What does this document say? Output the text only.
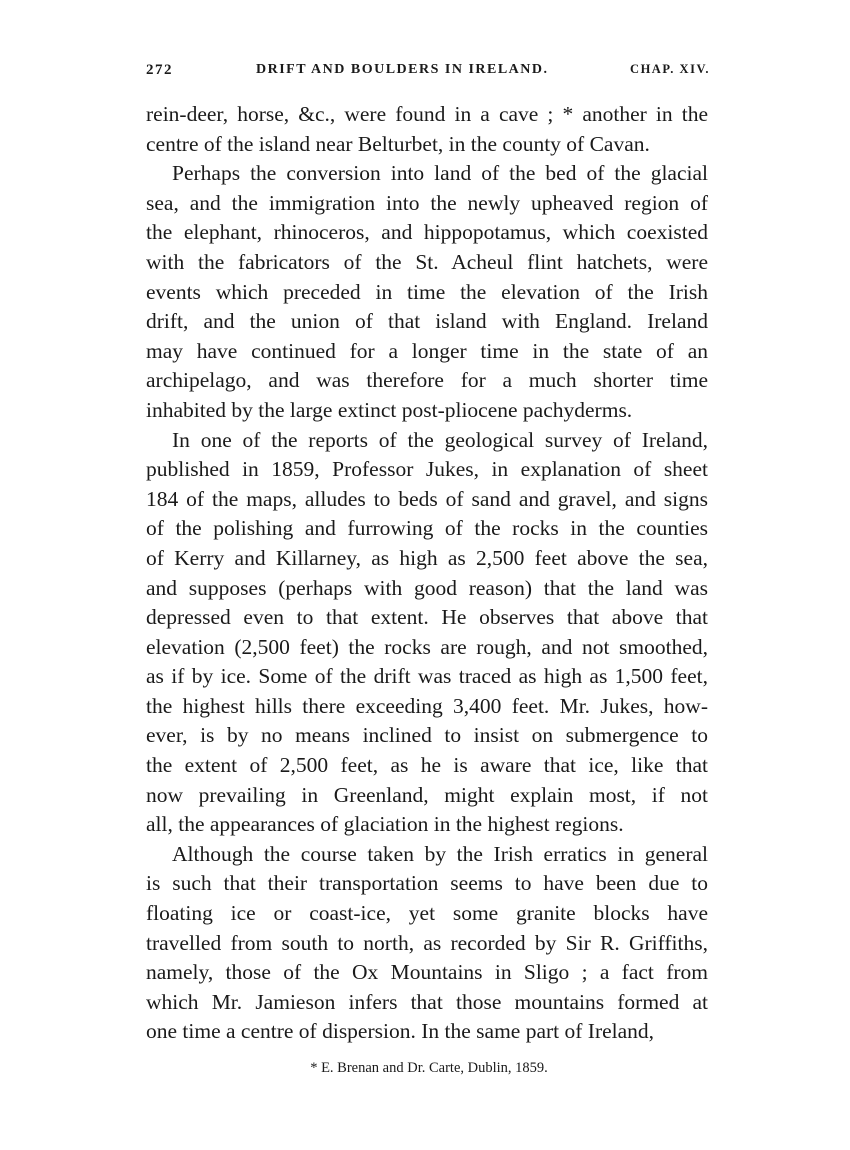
272	DRIFT AND BOULDERS IN IRELAND.	CHAP. XIV.
rein-deer, horse, &c., were found in a cave ; * another in the
centre of the island near Belturbet, in the county of Cavan.
Perhaps the conversion into land of the bed of the glacial
sea, and the immigration into the newly upheaved region of
the elephant, rhinoceros, and hippopotamus, which coexisted
with the fabricators of the St. Acheul flint hatchets, were
events which preceded in time the elevation of the Irish
drift, and the union of that island with England. Ireland
may have continued for a longer time in the state of an
archipelago, and was therefore for a much shorter time
inhabited by the large extinct post-pliocene pachyderms.
In one of the reports of the geological survey of Ireland,
published in 1859, Professor Jukes, in explanation of sheet
184 of the maps, alludes to beds of sand and gravel, and signs
of the polishing and furrowing of the rocks in the counties
of Kerry and Killarney, as high as 2,500 feet above the sea,
and supposes (perhaps with good reason) that the land was
depressed even to that extent. He observes that above that
elevation (2,500 feet) the rocks are rough, and not smoothed,
as if by ice. Some of the drift was traced as high as 1,500 feet,
the highest hills there exceeding 3,400 feet. Mr. Jukes, how-
ever, is by no means inclined to insist on submergence to
the extent of 2,500 feet, as he is aware that ice, like that
now prevailing in Greenland, might explain most, if not
all, the appearances of glaciation in the highest regions.
Although the course taken by the Irish erratics in general
is such that their transportation seems to have been due to
floating ice or coast-ice, yet some granite blocks have
travelled from south to north, as recorded by Sir R. Griffiths,
namely, those of the Ox Mountains in Sligo ; a fact from
which Mr. Jamieson infers that those mountains formed at
one time a centre of dispersion. In the same part of Ireland,
* E. Brenan and Dr. Carte, Dublin, 1859.
